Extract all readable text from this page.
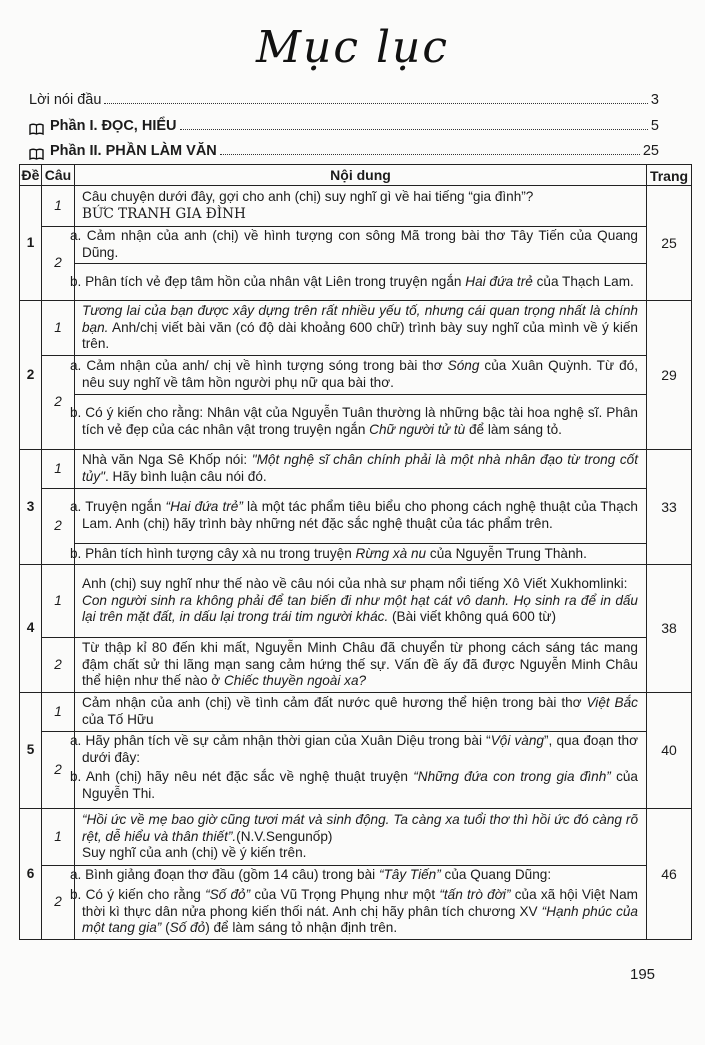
Mục lục
Lời nói đầu	3
Phần I. ĐỌC, HIỂU	5
Phần II. PHẦN LÀM VĂN	25
Đề	Câu	Nội dung	Trang
1	1	Câu chuyện dưới đây, gợi cho anh (chị) suy nghĩ gì về hai tiếng “gia đình”?
BỨC TRANH GIA ĐÌNH	25
	2	a. Cảm nhận của anh (chị) về hình tượng con sông Mã trong bài thơ Tây Tiến của Quang Dũng.	
		b. Phân tích vẻ đẹp tâm hồn của nhân vật Liên trong truyện ngắn Hai đứa trẻ của Thạch Lam.	
2	1	Tương lai của bạn được xây dựng trên rất nhiều yếu tố, nhưng cái quan trọng nhất là chính bạn. Anh/chị viết bài văn (có độ dài khoảng 600 chữ) trình bày suy nghĩ của mình về ý kiến trên.	29
	2	a. Cảm nhận của anh/ chị về hình tượng sóng trong bài thơ Sóng của Xuân Quỳnh. Từ đó, nêu suy nghĩ về tâm hồn người phụ nữ qua bài thơ.	
		b. Có ý kiến cho rằng: Nhân vật của Nguyễn Tuân thường là những bậc tài hoa nghệ sĩ. Phân tích vẻ đẹp của các nhân vật trong truyện ngắn Chữ người tử tù để làm sáng tỏ.	
3	1	Nhà văn Nga Sê Khốp nói: "Một nghệ sĩ chân chính phải là một nhà nhân đạo từ trong cốt tủy". Hãy bình luận câu nói đó.	33
	2	a. Truyện ngắn “Hai đứa trẻ” là một tác phẩm tiêu biểu cho phong cách nghệ thuật của Thạch Lam. Anh (chị) hãy trình bày những nét đặc sắc nghệ thuật của tác phẩm trên.	
		b. Phân tích hình tượng cây xà nu trong truyện Rừng xà nu của Nguyễn Trung Thành.	
4	1	Anh (chị) suy nghĩ như thế nào về câu nói của nhà sư phạm nổi tiếng Xô Viết Xukhomlinki:
Con người sinh ra không phải để tan biến đi như một hạt cát vô danh. Họ sinh ra để in dấu lại trên mặt đất, in dấu lại trong trái tim người khác. (Bài viết không quá 600 từ)	38
	2	Từ thập kỉ 80 đến khi mất, Nguyễn Minh Châu đã chuyển từ phong cách sáng tác mang đậm chất sử thi lãng mạn sang cảm hứng thế sự. Vấn đề ấy đã được Nguyễn Minh Châu thể hiện như thế nào ở Chiếc thuyền ngoài xa?	
5	1	Cảm nhận của anh (chị) về tình cảm đất nước quê hương thể hiện trong bài thơ Việt Bắc của Tố Hữu	40
	2	a. Hãy phân tích về sự cảm nhận thời gian của Xuân Diệu trong bài “Vội vàng”, qua đoạn thơ dưới đây:	
		b. Anh (chị) hãy nêu nét đặc sắc về nghệ thuật truyện “Những đứa con trong gia đình” của Nguyễn Thi.	
6	1	“Hồi ức về mẹ bao giờ cũng tươi mát và sinh động. Ta càng xa tuổi thơ thì hồi ức đó càng rõ rệt, dễ hiểu và thân thiết”.(N.V.Sengunốp)
Suy nghĩ của anh (chị) về ý kiến trên.	46
	2	a. Bình giảng đoạn thơ đầu (gồm 14 câu) trong bài “Tây Tiến” của Quang Dũng:	
		b. Có ý kiến cho rằng “Số đỏ” của Vũ Trọng Phụng như một “tấn trò đời” của xã hội Việt Nam thời kì thực dân nửa phong kiến thối nát. Anh chị hãy phân tích chương XV “Hạnh phúc của một tang gia” (Số đỏ) để làm sáng tỏ nhận định trên.	
195
